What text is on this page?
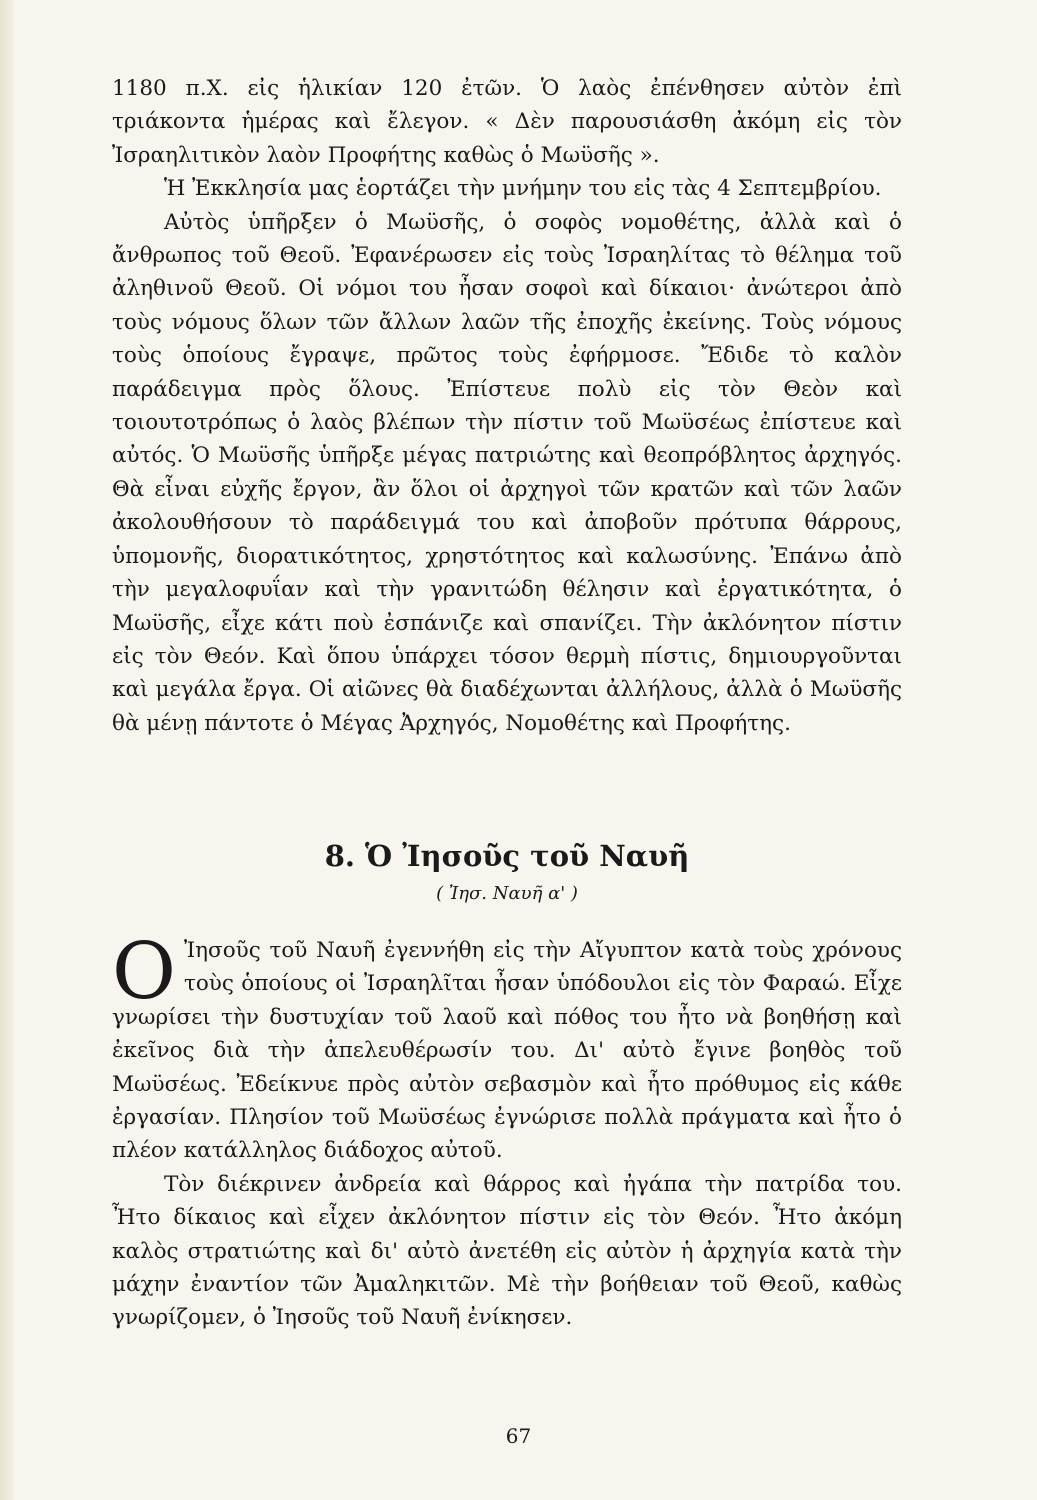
1180 π.Χ. εἰς ἡλικίαν 120 ἐτῶν. Ὁ λαὸς ἐπένθησεν αὐτὸν ἐπὶ τριάκοντα ἡμέρας καὶ ἔλεγον. « Δὲν παρουσιάσθη ἀκόμη εἰς τὸν Ἰσραηλιτικὸν λαὸν Προφήτης καθὼς ὁ Μωϋσῆς ».

Ἡ Ἐκκλησία μας ἑορτάζει τὴν μνήμην του εἰς τὰς 4 Σεπτεμβρίου.

Αὐτὸς ὑπῆρξεν ὁ Μωϋσῆς, ὁ σοφὸς νομοθέτης, ἀλλὰ καὶ ὁ ἄνθρωπος τοῦ Θεοῦ. Ἐφανέρωσεν εἰς τοὺς Ἰσραηλίτας τὸ θέλημα τοῦ ἀληθινοῦ Θεοῦ. Οἱ νόμοι του ἦσαν σοφοὶ καὶ δίκαιοι· ἀνώτεροι ἀπὸ τοὺς νόμους ὅλων τῶν ἄλλων λαῶν τῆς ἐποχῆς ἐκείνης. Τοὺς νόμους τοὺς ὁποίους ἔγραψε, πρῶτος τοὺς ἐφήρμοσε. Ἔδιδε τὸ καλὸν παράδειγμα πρὸς ὅλους. Ἐπίστευε πολὺ εἰς τὸν Θεὸν καὶ τοιουτοτρόπως ὁ λαὸς βλέπων τὴν πίστιν τοῦ Μωϋσέως ἐπίστευε καὶ αὐτός. Ὁ Μωϋσῆς ὑπῆρξε μέγας πατριώτης καὶ θεοπρόβλητος ἀρχηγός. Θὰ εἶναι εὐχῆς ἔργον, ἂν ὅλοι οἱ ἀρχηγοὶ τῶν κρατῶν καὶ τῶν λαῶν ἀκολουθήσουν τὸ παράδειγμά του καὶ ἀποβοῦν πρότυπα θάρρους, ὑπομονῆς, διορατικότητος, χρηστότητος καὶ καλωσύνης. Ἐπάνω ἀπὸ τὴν μεγαλοφυΐαν καὶ τὴν γρανιτώδη θέλησιν καὶ ἐργατικότητα, ὁ Μωϋσῆς, εἶχε κάτι ποὺ ἐσπάνιζε καὶ σπανίζει. Τὴν ἀκλόνητον πίστιν εἰς τὸν Θεόν. Καὶ ὅπου ὑπάρχει τόσον θερμὴ πίστις, δημιουργοῦνται καὶ μεγάλα ἔργα. Οἱ αἰῶνες θὰ διαδέχωνται ἀλλήλους, ἀλλὰ ὁ Μωϋσῆς θὰ μένῃ πάντοτε ὁ Μέγας Ἀρχηγός, Νομοθέτης καὶ Προφήτης.

8. Ὁ Ἰησοῦς τοῦ Ναυῆ
( Ἰησ. Ναυῆ α' )

Ο Ἰησοῦς τοῦ Ναυῆ ἐγεννήθη εἰς τὴν Αἴγυπτον κατὰ τοὺς χρόνους τοὺς ὁποίους οἱ Ἰσραηλῖται ἦσαν ὑπόδουλοι εἰς τὸν Φαραώ. Εἶχε γνωρίσει τὴν δυστυχίαν τοῦ λαοῦ καὶ πόθος του ἦτο νὰ βοηθήσῃ καὶ ἐκεῖνος διὰ τὴν ἀπελευθέρωσίν του. Δι' αὐτὸ ἔγινε βοηθὸς τοῦ Μωϋσέως. Ἐδείκνυε πρὸς αὐτὸν σεβασμὸν καὶ ἦτο πρόθυμος εἰς κάθε ἐργασίαν. Πλησίον τοῦ Μωϋσέως ἐγνώρισε πολλὰ πράγματα καὶ ἦτο ὁ πλέον κατάλληλος διάδοχος αὐτοῦ.

Τὸν διέκρινεν ἀνδρεία καὶ θάρρος καὶ ἠγάπα τὴν πατρίδα του. Ἦτο δίκαιος καὶ εἶχεν ἀκλόνητον πίστιν εἰς τὸν Θεόν. Ἦτο ἀκόμη καλὸς στρατιώτης καὶ δι' αὐτὸ ἀνετέθη εἰς αὐτὸν ἡ ἀρχηγία κατὰ τὴν μάχην ἐναντίον τῶν Ἀμαληκιτῶν. Μὲ τὴν βοήθειαν τοῦ Θεοῦ, καθὼς γνωρίζομεν, ὁ Ἰησοῦς τοῦ Ναυῆ ἐνίκησεν.

67
